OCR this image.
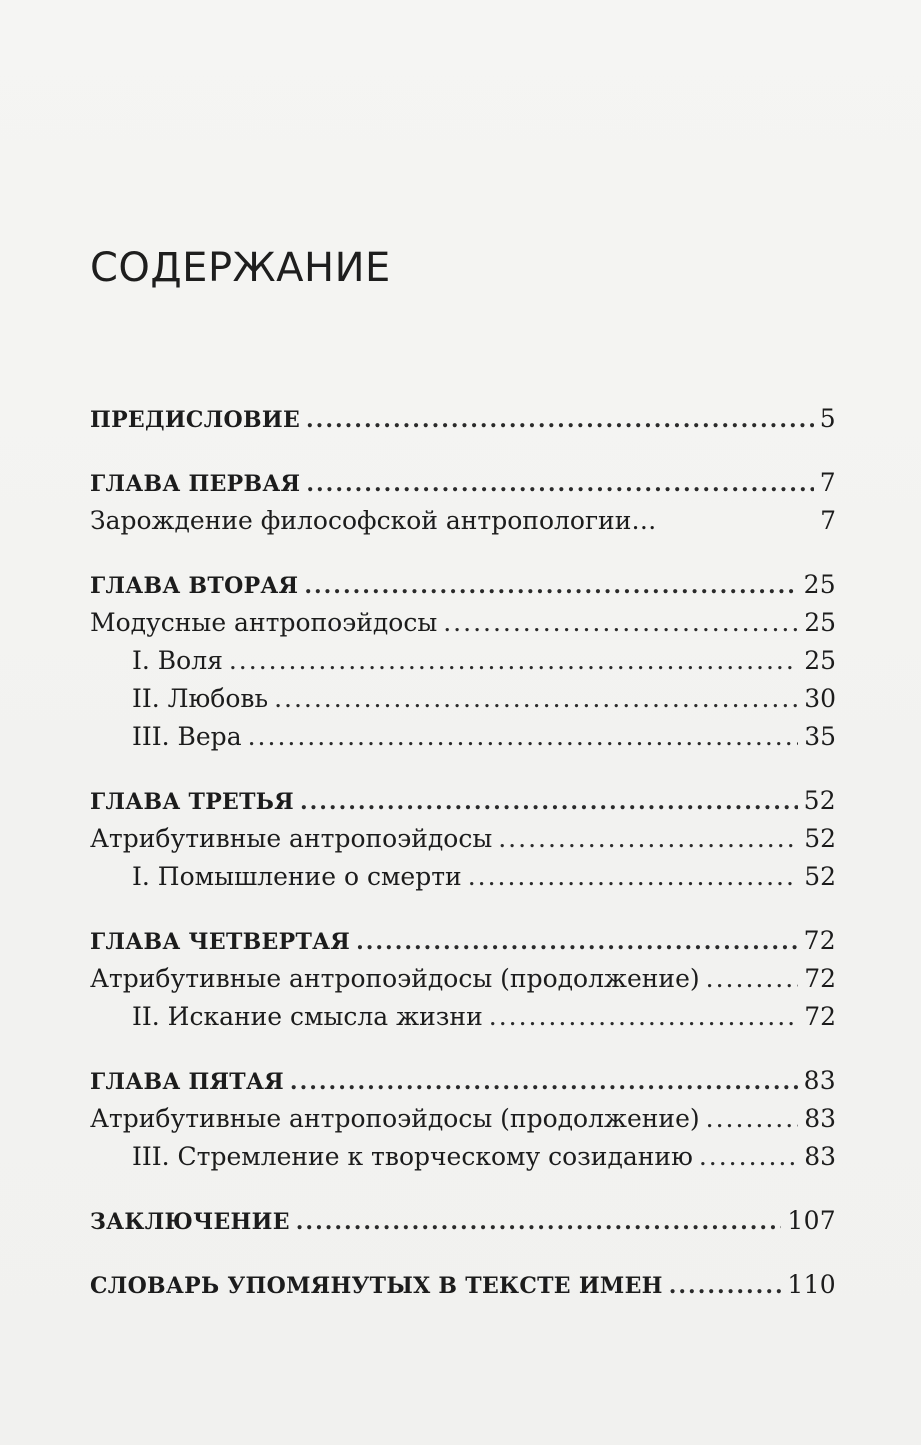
СОДЕРЖАНИЕ
ПРЕДИСЛОВИЕ .....	5
ГЛАВА ПЕРВАЯ .....	7
Зарождение философской антропологии…	7
ГЛАВА ВТОРАЯ .....	25
Модусные антропоэйдосы .....	25
I. Воля .....	25
II. Любовь .....	30
III. Вера .....	35
ГЛАВА ТРЕТЬЯ .....	52
Атрибутивные антропоэйдосы .....	52
I. Помышление о смерти .....	52
ГЛАВА ЧЕТВЕРТАЯ .....	72
Атрибутивные антропоэйдосы (продолжение) .....	72
II. Искание смысла жизни .....	72
ГЛАВА ПЯТАЯ .....	83
Атрибутивные антропоэйдосы (продолжение) .....	83
III. Стремление к творческому созиданию .....	83
ЗАКЛЮЧЕНИЕ .....	107
СЛОВАРЬ УПОМЯНУТЫХ В ТЕКСТЕ ИМЕН .....	110
